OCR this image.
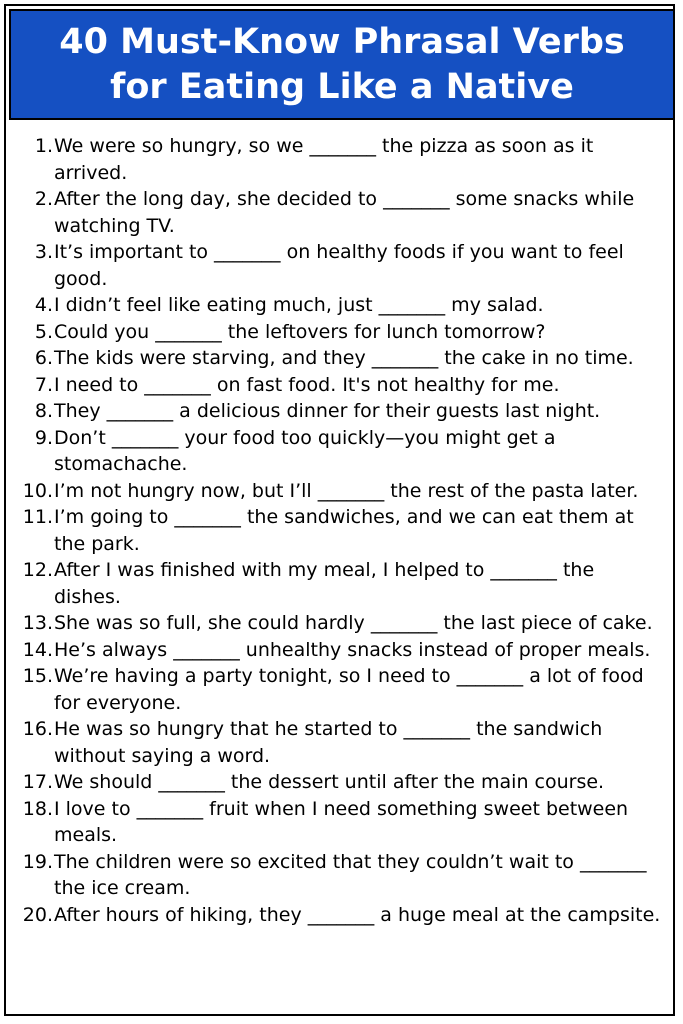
40 Must-Know Phrasal Verbs
for Eating Like a Native
1. We were so hungry, so we _______ the pizza as soon as it arrived.
2. After the long day, she decided to _______ some snacks while watching TV.
3. It’s important to _______ on healthy foods if you want to feel good.
4. I didn’t feel like eating much, just _______ my salad.
5. Could you _______ the leftovers for lunch tomorrow?
6. The kids were starving, and they _______ the cake in no time.
7. I need to _______ on fast food. It's not healthy for me.
8. They _______ a delicious dinner for their guests last night.
9. Don’t _______ your food too quickly—you might get a stomachache.
10. I’m not hungry now, but I’ll _______ the rest of the pasta later.
11. I’m going to _______ the sandwiches, and we can eat them at the park.
12. After I was finished with my meal, I helped to _______ the dishes.
13. She was so full, she could hardly _______ the last piece of cake.
14. He’s always _______ unhealthy snacks instead of proper meals.
15. We’re having a party tonight, so I need to _______ a lot of food for everyone.
16. He was so hungry that he started to _______ the sandwich without saying a word.
17. We should _______ the dessert until after the main course.
18. I love to _______ fruit when I need something sweet between meals.
19. The children were so excited that they couldn’t wait to _______ the ice cream.
20. After hours of hiking, they _______ a huge meal at the campsite.
